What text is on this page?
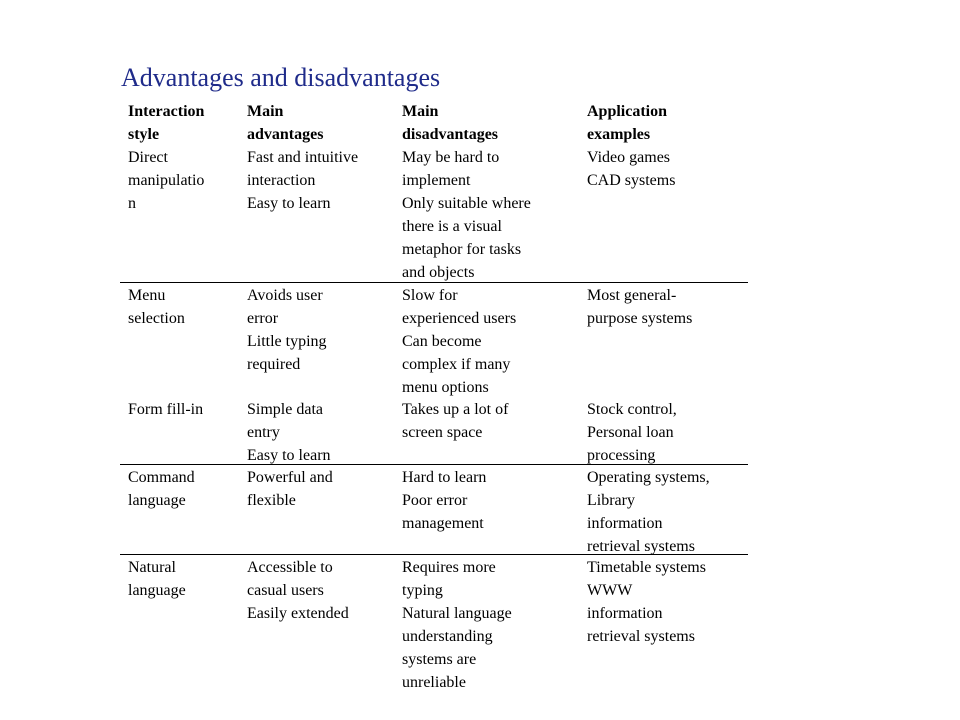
Advantages and disadvantages
Interaction
style
Main
advantages
Main
disadvantages
Application
examples
Direct
manipulatio
n
Fast and intuitive
interaction
Easy to learn
May be hard to
implement
Only suitable where
there is a visual
metaphor for tasks
and objects
Video games
CAD systems
Menu
selection
Avoids user
error
Little typing
required
Slow for
experienced users
Can become
complex if many
menu options
Most general-
purpose systems
Form fill-in	Simple data
entry
Easy to learn
Takes up a lot of
screen space
Stock control,
Personal loan
processing
Command
language
Powerful and
flexible
Hard to learn
Poor error
management
Operating systems,
Library
information
retrieval systems
Natural
language
Accessible to
casual users
Easily extended
Requires more
typing
Natural language
understanding
systems are
unreliable
Timetable systems
WWW
information
retrieval systems
